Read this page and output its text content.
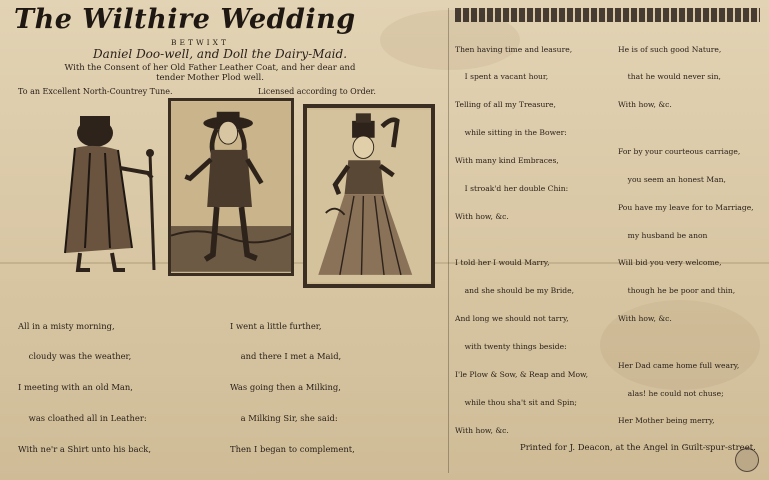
The Wilthire Wedding
BETWIXT
Daniel Doo-well, and Doll the Dairy-Maid.
With the Consent of her Old Father Leather Coat, and her dear and
tender Mother Plod well.
To an Excellent North-Countrey Tune.	Licensed according to Order.

All in a misty morning,

cloudy was the weather,

I meeting with an old Man,

was cloathed all in Leather:

With ne'r a Shirt unto his back,

I went a little further,

and there I met a Maid,

Was going then a Milking,

a Milking Sir, she said:

Then I began to complement,

Then having time and leasure,

I spent a vacant hour,

Telling of all my Treasure,

while sitting in the Bower:

With many kind Embraces,

I stroak'd her double Chin:

With how, &c.

I told her I would Marry,

and she should be my Bride,

And long we should not tarry,

with twenty things beside:

I'le Plow & Sow, & Reap and Mow,

while thou sha't sit and Spin;

With how, &c.

He is of such good Nature,

that he would never sin,

With how, &c.

For by your courteous carriage,

you seem an honest Man,

Pou have my leave for to Marriage,

my husband be anon

Will bid you very welcome,

though he be poor and thin,

With how, &c.

Her Dad came home full weary,

alas! he could not chuse;

Her Mother being merry,

Printed for J. Deacon, at the Angel in Guilt-spur-street.
